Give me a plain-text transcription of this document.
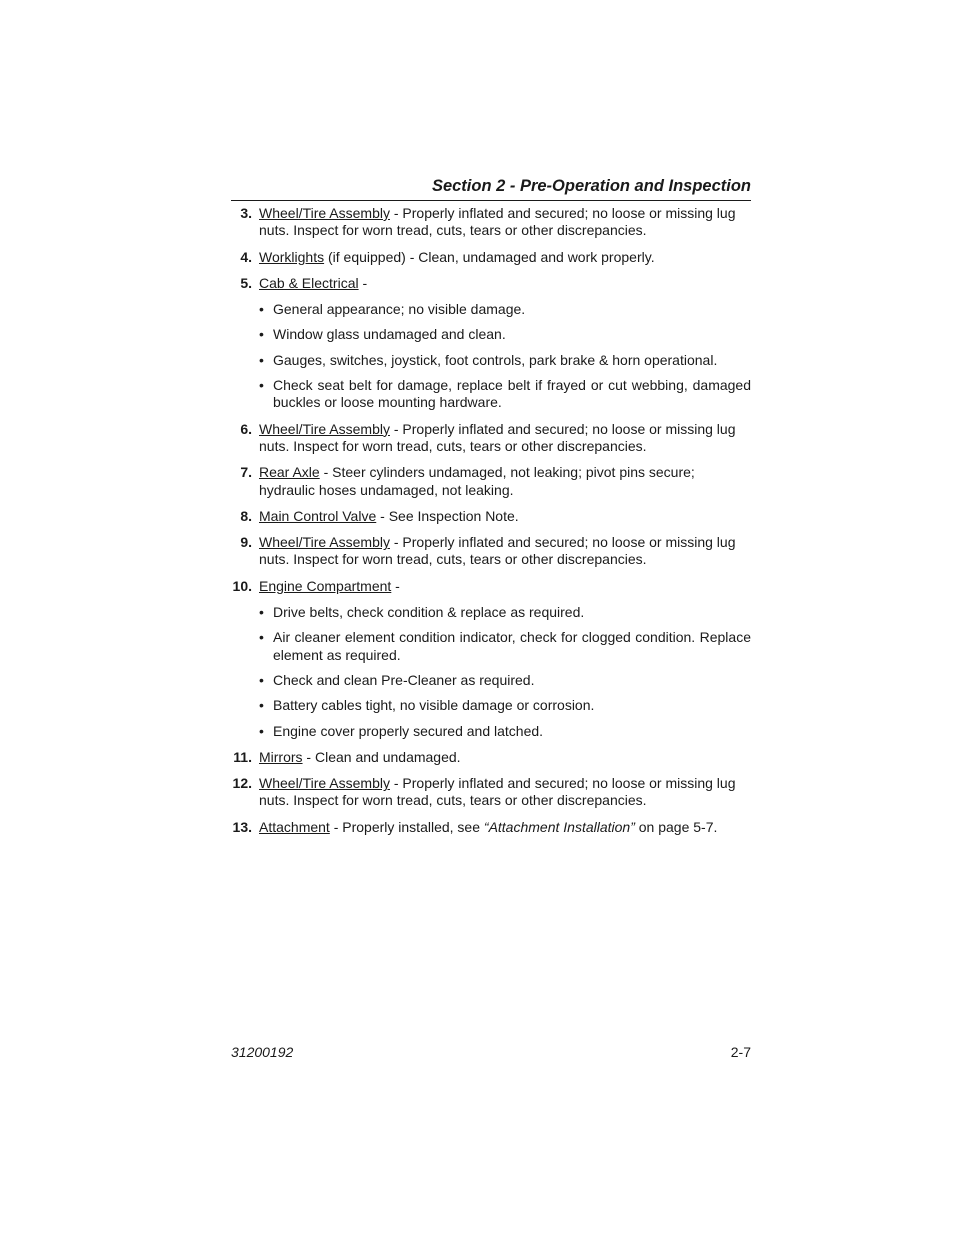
Section 2 - Pre-Operation and Inspection
3. Wheel/Tire Assembly - Properly inflated and secured; no loose or missing lug nuts. Inspect for worn tread, cuts, tears or other discrepancies.
4. Worklights (if equipped) - Clean, undamaged and work properly.
5. Cab & Electrical -
• General appearance; no visible damage.
• Window glass undamaged and clean.
• Gauges, switches, joystick, foot controls, park brake & horn operational.
• Check seat belt for damage, replace belt if frayed or cut webbing, damaged buckles or loose mounting hardware.
6. Wheel/Tire Assembly - Properly inflated and secured; no loose or missing lug nuts. Inspect for worn tread, cuts, tears or other discrepancies.
7. Rear Axle - Steer cylinders undamaged, not leaking; pivot pins secure; hydraulic hoses undamaged, not leaking.
8. Main Control Valve - See Inspection Note.
9. Wheel/Tire Assembly - Properly inflated and secured; no loose or missing lug nuts. Inspect for worn tread, cuts, tears or other discrepancies.
10. Engine Compartment -
• Drive belts, check condition & replace as required.
• Air cleaner element condition indicator, check for clogged condition. Replace element as required.
• Check and clean Pre-Cleaner as required.
• Battery cables tight, no visible damage or corrosion.
• Engine cover properly secured and latched.
11. Mirrors - Clean and undamaged.
12. Wheel/Tire Assembly - Properly inflated and secured; no loose or missing lug nuts. Inspect for worn tread, cuts, tears or other discrepancies.
13. Attachment - Properly installed, see “Attachment Installation” on page 5-7.
31200192	2-7
